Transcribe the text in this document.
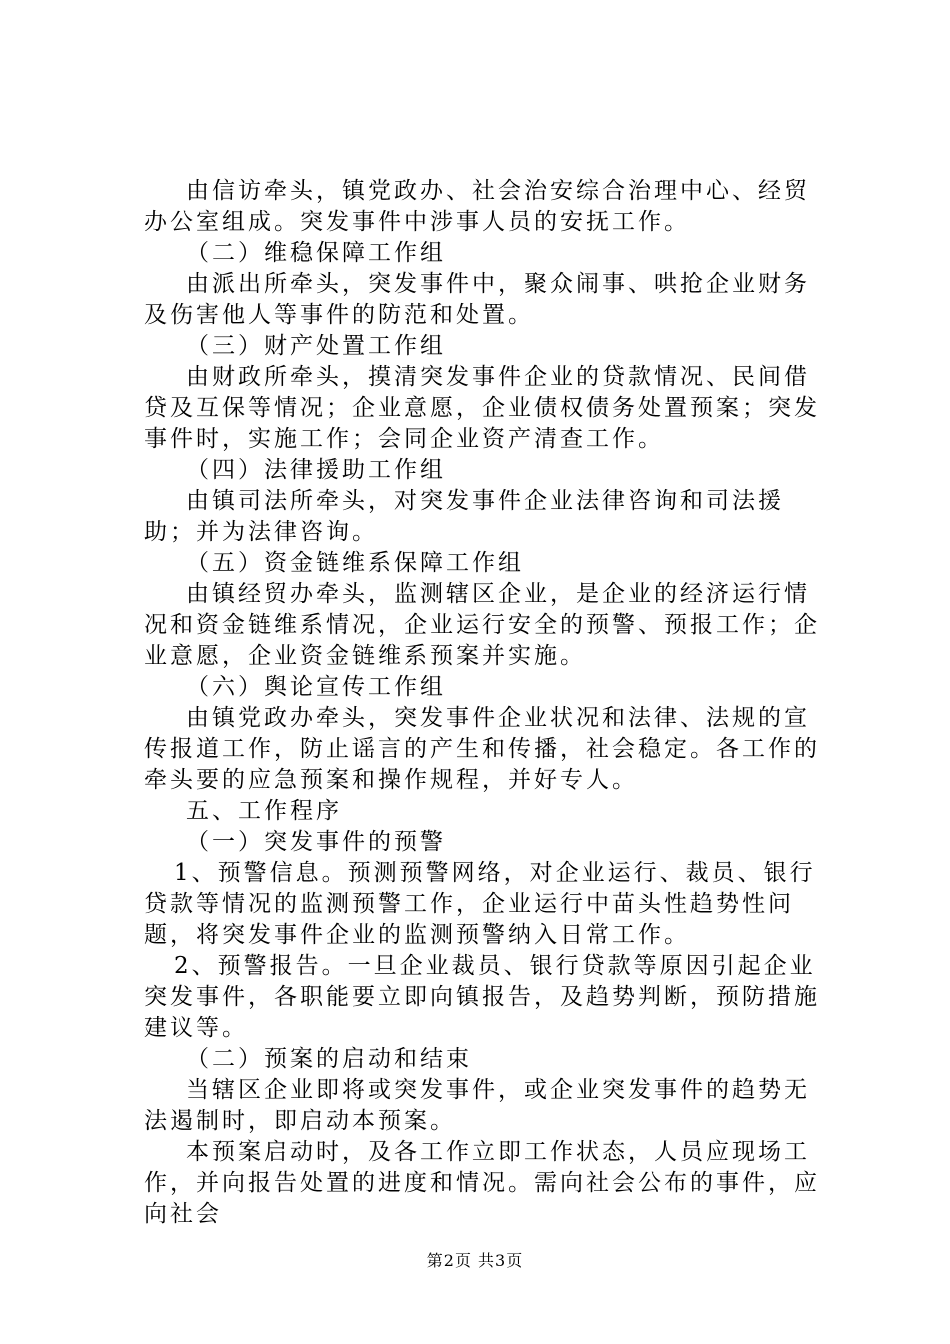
由信访牵头，镇党政办、社会治安综合治理中心、经贸办公室组成。突发事件中涉事人员的安抚工作。

（二）维稳保障工作组

由派出所牵头，突发事件中，聚众闹事、哄抢企业财务及伤害他人等事件的防范和处置。

（三）财产处置工作组

由财政所牵头，摸清突发事件企业的贷款情况、民间借贷及互保等情况；企业意愿，企业债权债务处置预案；突发事件时，实施工作；会同企业资产清查工作。

（四）法律援助工作组

由镇司法所牵头，对突发事件企业法律咨询和司法援助；并为法律咨询。

（五）资金链维系保障工作组

由镇经贸办牵头，监测辖区企业，是企业的经济运行情况和资金链维系情况，企业运行安全的预警、预报工作；企业意愿，企业资金链维系预案并实施。

（六）舆论宣传工作组

由镇党政办牵头，突发事件企业状况和法律、法规的宣传报道工作，防止谣言的产生和传播，社会稳定。各工作的牵头要的应急预案和操作规程，并好专人。

五、工作程序

（一）突发事件的预警

1、预警信息。预测预警网络，对企业运行、裁员、银行贷款等情况的监测预警工作，企业运行中苗头性趋势性问题，将突发事件企业的监测预警纳入日常工作。

2、预警报告。一旦企业裁员、银行贷款等原因引起企业突发事件，各职能要立即向镇报告，及趋势判断，预防措施建议等。

（二）预案的启动和结束

当辖区企业即将或突发事件，或企业突发事件的趋势无法遏制时，即启动本预案。

本预案启动时，及各工作立即工作状态，人员应现场工作，并向报告处置的进度和情况。需向社会公布的事件，应向社会

第2页 共3页
